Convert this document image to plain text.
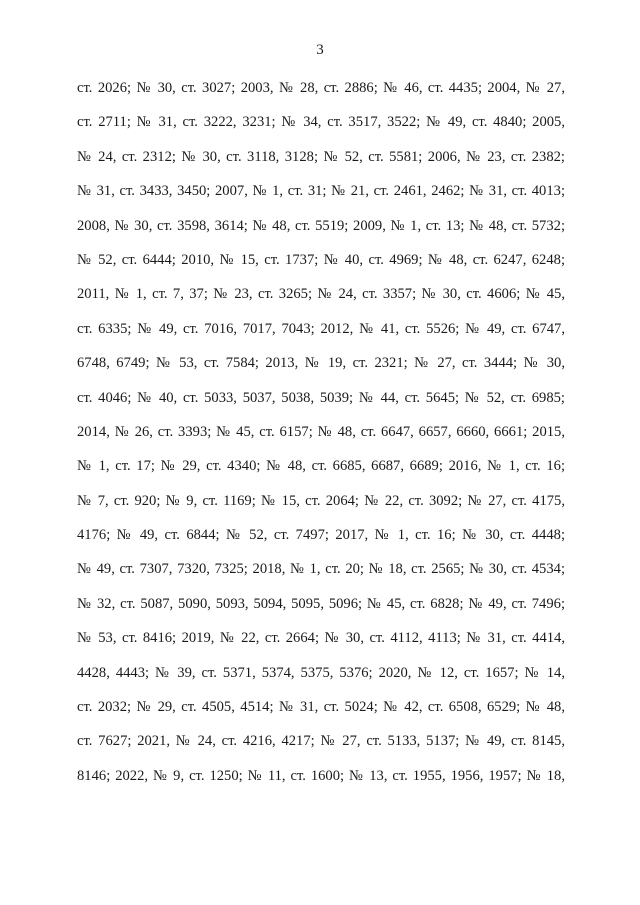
3
ст. 2026; № 30, ст. 3027; 2003, № 28, ст. 2886; № 46, ст. 4435; 2004, № 27,
ст. 2711; № 31, ст. 3222, 3231; № 34, ст. 3517, 3522; № 49, ст. 4840; 2005,
№ 24, ст. 2312; № 30, ст. 3118, 3128; № 52, ст. 5581; 2006, № 23, ст. 2382;
№ 31, ст. 3433, 3450; 2007, № 1, ст. 31; № 21, ст. 2461, 2462; № 31, ст. 4013;
2008, № 30, ст. 3598, 3614; № 48, ст. 5519; 2009, № 1, ст. 13; № 48, ст. 5732;
№ 52, ст. 6444; 2010, № 15, ст. 1737; № 40, ст. 4969; № 48, ст. 6247, 6248;
2011, № 1, ст. 7, 37; № 23, ст. 3265; № 24, ст. 3357; № 30, ст. 4606; № 45,
ст. 6335; № 49, ст. 7016, 7017, 7043; 2012, № 41, ст. 5526; № 49, ст. 6747,
6748, 6749; № 53, ст. 7584; 2013, № 19, ст. 2321; № 27, ст. 3444; № 30,
ст. 4046; № 40, ст. 5033, 5037, 5038, 5039; № 44, ст. 5645; № 52, ст. 6985;
2014, № 26, ст. 3393; № 45, ст. 6157; № 48, ст. 6647, 6657, 6660, 6661; 2015,
№ 1, ст. 17; № 29, ст. 4340; № 48, ст. 6685, 6687, 6689; 2016, № 1, ст. 16;
№ 7, ст. 920; № 9, ст. 1169; № 15, ст. 2064; № 22, ст. 3092; № 27, ст. 4175,
4176; № 49, ст. 6844; № 52, ст. 7497; 2017, № 1, ст. 16; № 30, ст. 4448;
№ 49, ст. 7307, 7320, 7325; 2018, № 1, ст. 20; № 18, ст. 2565; № 30, ст. 4534;
№ 32, ст. 5087, 5090, 5093, 5094, 5095, 5096; № 45, ст. 6828; № 49, ст. 7496;
№ 53, ст. 8416; 2019, № 22, ст. 2664; № 30, ст. 4112, 4113; № 31, ст. 4414,
4428, 4443; № 39, ст. 5371, 5374, 5375, 5376; 2020, № 12, ст. 1657; № 14,
ст. 2032; № 29, ст. 4505, 4514; № 31, ст. 5024; № 42, ст. 6508, 6529; № 48,
ст. 7627; 2021, № 24, ст. 4216, 4217; № 27, ст. 5133, 5137; № 49, ст. 8145,
8146; 2022, № 9, ст. 1250; № 11, ст. 1600; № 13, ст. 1955, 1956, 1957; № 18,
